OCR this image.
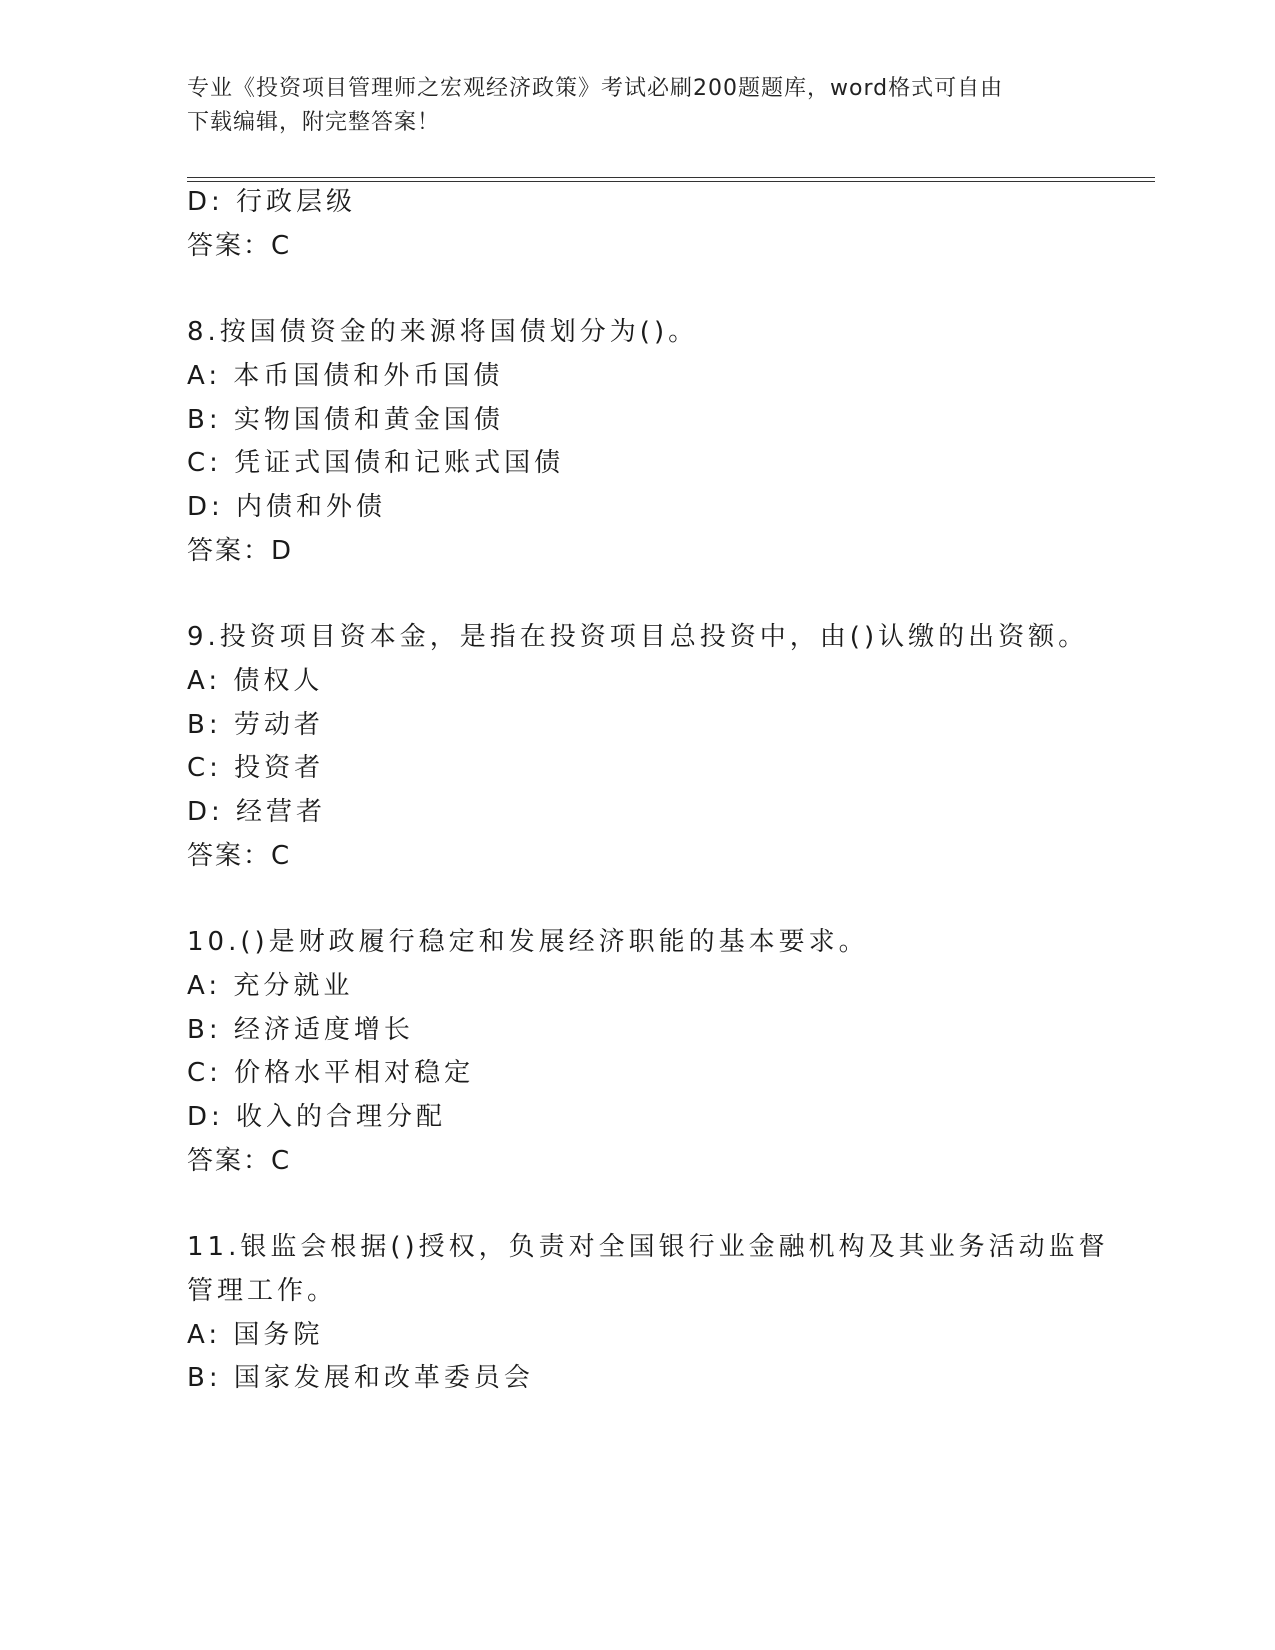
专业《投资项目管理师之宏观经济政策》考试必刷200题题库，word格式可自由
下载编辑，附完整答案！
D: 行政层级
答案：C
8.按国债资金的来源将国债划分为()。
A: 本币国债和外币国债
B: 实物国债和黄金国债
C: 凭证式国债和记账式国债
D: 内债和外债
答案：D
9.投资项目资本金，是指在投资项目总投资中，由()认缴的出资额。
A: 债权人
B: 劳动者
C: 投资者
D: 经营者
答案：C
10.()是财政履行稳定和发展经济职能的基本要求。
A: 充分就业
B: 经济适度增长
C: 价格水平相对稳定
D: 收入的合理分配
答案：C
11.银监会根据()授权，负责对全国银行业金融机构及其业务活动监督
管理工作。
A: 国务院
B: 国家发展和改革委员会
